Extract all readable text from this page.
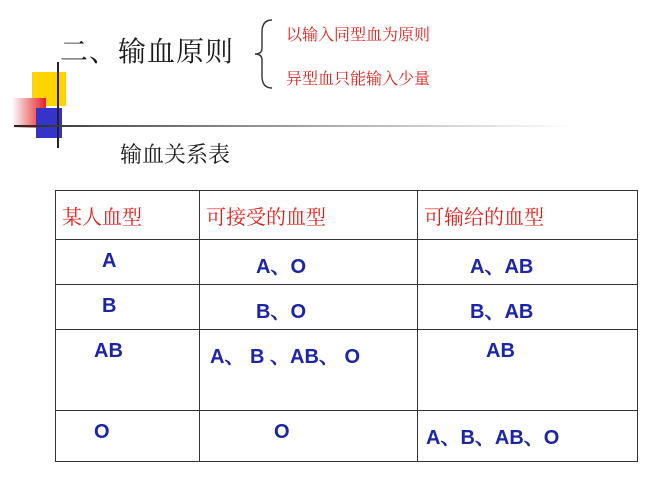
二、输血原则
以输入同型血为原则
异型血只能输入少量
输血关系表
某人血型	可接受的血型	可输给的血型
A	A、O	A、AB
B	B、O	B、AB
AB	A、 B 、AB、 O	AB
O	O	A、B、AB、O
